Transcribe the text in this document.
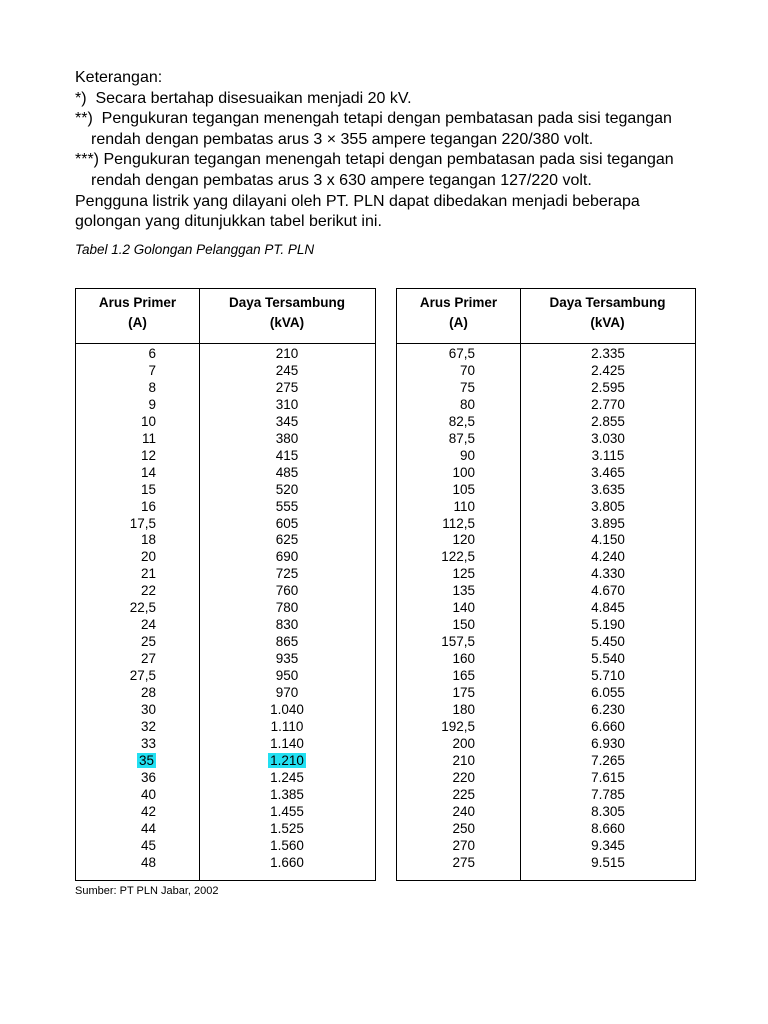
Keterangan:
*) Secara bertahap disesuaikan menjadi 20 kV.
**) Pengukuran tegangan menengah tetapi dengan pembatasan pada sisi tegangan
rendah dengan pembatas arus 3 × 355 ampere tegangan 220/380 volt.
***) Pengukuran tegangan menengah tetapi dengan pembatasan pada sisi tegangan
rendah dengan pembatas arus 3 x 630 ampere tegangan 127/220 volt.
Pengguna listrik yang dilayani oleh PT. PLN dapat dibedakan menjadi beberapa
golongan yang ditunjukkan tabel berikut ini.
Tabel 1.2 Golongan Pelanggan PT. PLN
Arus Primer
(A)
Daya Tersambung
(kVA)
6	210
7	245
8	275
9	310
10	345
11	380
12	415
14	485
15	520
16	555
17,5	605
18	625
20	690
21	725
22	760
22,5	780
24	830
25	865
27	935
27,5	950
28	970
30	1.040
32	1.110
33	1.140
35	1.210
36	1.245
40	1.385
42	1.455
44	1.525
45	1.560
48	1.660
Arus Primer
(A)
Daya Tersambung
(kVA)
67,5	2.335
70	2.425
75	2.595
80	2.770
82,5	2.855
87,5	3.030
90	3.115
100	3.465
105	3.635
110	3.805
112,5	3.895
120	4.150
122,5	4.240
125	4.330
135	4.670
140	4.845
150	5.190
157,5	5.450
160	5.540
165	5.710
175	6.055
180	6.230
192,5	6.660
200	6.930
210	7.265
220	7.615
225	7.785
240	8.305
250	8.660
270	9.345
275	9.515
Sumber: PT PLN Jabar, 2002
